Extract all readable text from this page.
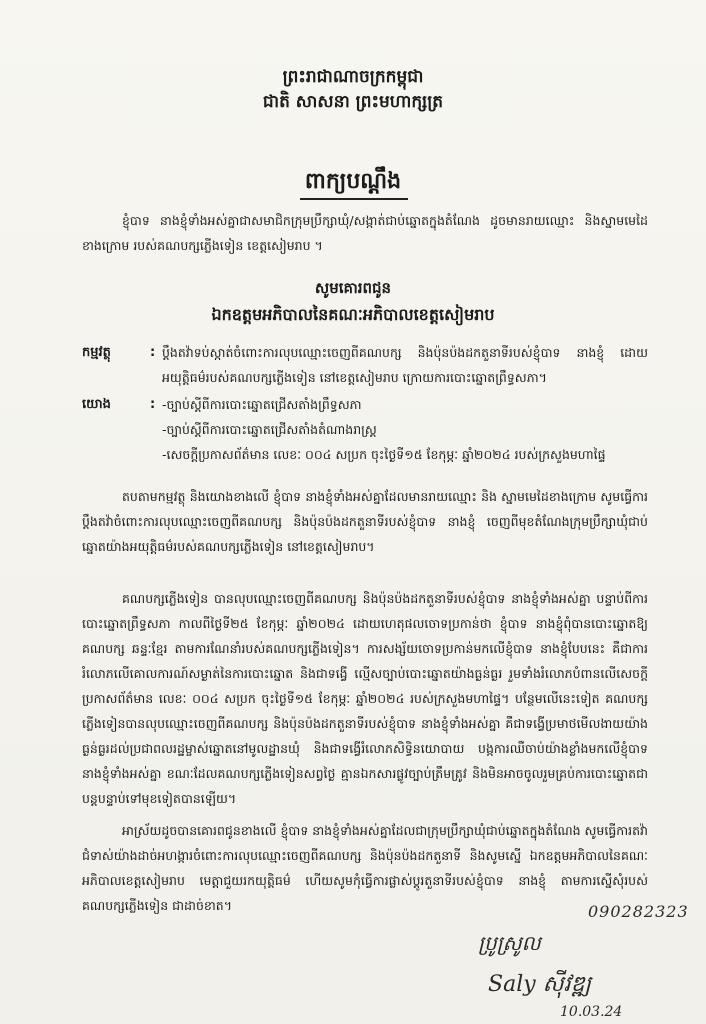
ព្រះរាជាណាចក្រកម្ពុជា
ជាតិ សាសនា ព្រះមហាក្សត្រ
ពាក្យបណ្តឹង
ខ្ញុំបាទ នាងខ្ញុំទាំងអស់គ្នាជាសមាជិកក្រុមប្រឹក្សាឃុំ/សង្កាត់ជាប់ឆ្នោតក្នុងតំណែង ដូចមានរាយឈ្មោះ និងស្នាមមេដៃខាងក្រោម របស់គណបក្សភ្លើងទៀន ខេត្តសៀមរាប ។
សូមគោរពជូន
ឯកឧត្តមអភិបាលនៃគណៈអភិបាលខេត្តសៀមរាប
កម្មវត្ថុ	: ប្តឹងតវ៉ាទប់ស្កាត់ចំពោះការលុបឈ្មោះចេញពីគណបក្ស និងប៉ុនប៉ងដកតួនាទីរបស់ខ្ញុំបាទ នាងខ្ញុំ ដោយអយុត្តិធម៌របស់គណបក្សភ្លើងទៀន នៅខេត្តសៀមរាប ក្រោយការបោះឆ្នោតព្រឹទ្ធសភា។
យោង	: -ច្បាប់ស្តីពីការបោះឆ្នោតជ្រើសតាំងព្រឹទ្ធសភា
-ច្បាប់ស្តីពីការបោះឆ្នោតជ្រើសតាំងតំណាងរាស្ត្រ
-សេចក្តីប្រកាសព័ត៌មាន លេខៈ ០០៤ សប្រក ចុះថ្ងៃទី១៥ ខែកុម្ភៈ ឆ្នាំ២០២៤ របស់ក្រសួងមហាផ្ទៃ
តបតាមកម្មវត្ថុ និងយោងខាងលើ ខ្ញុំបាទ នាងខ្ញុំទាំងអស់គ្នាដែលមានរាយឈ្មោះ និង ស្នាមមេដៃខាងក្រោម សូមធ្វើការប្តឹងតវ៉ាចំពោះការលុបឈ្មោះចេញពីគណបក្ស និងប៉ុនប៉ងដកតួនាទីរបស់ខ្ញុំបាទ នាងខ្ញុំ ចេញពីមុខតំណែងក្រុមប្រឹក្សាឃុំជាប់ឆ្នោតយ៉ាងអយុត្តិធម៌របស់គណបក្សភ្លើងទៀន នៅខេត្តសៀមរាប។
គណបក្សភ្លើងទៀន បានលុបឈ្មោះចេញពីគណបក្ស និងប៉ុនប៉ងដកតួនាទីរបស់ខ្ញុំបាទ នាងខ្ញុំទាំងអស់គ្នា បន្ទាប់ពីការបោះឆ្នោតព្រឹទ្ធសភា កាលពីថ្ងៃទី២៥ ខែកុម្ភៈ ឆ្នាំ២០២៤ ដោយហេតុផលចោទប្រកាន់ថា ខ្ញុំបាទ នាងខ្ញុំពុំបានបោះឆ្នោតឱ្យគណបក្ស ឆន្ទៈខ្មែរ តាមការណែនាំរបស់គណបក្សភ្លើងទៀន។ ការសង្ស័យចោទប្រកាន់មកលើខ្ញុំបាទ នាងខ្ញុំបែបនេះ គឺជាការរំលោភលើគោលការណ៍សម្ងាត់នៃការបោះឆ្នោត និងជាទង្វើ ល្មើសច្បាប់បោះឆ្នោតយ៉ាងធ្ងន់ធ្ងរ រួមទាំងរំលោភបំពានលើសេចក្តីប្រកាសព័ត៌មាន លេខៈ ០០៤ សប្រក ចុះថ្ងៃទី១៥ ខែកុម្ភៈ ឆ្នាំ២០២៤ របស់ក្រសួងមហាផ្ទៃ។ បន្ថែមលើនេះទៀត គណបក្សភ្លើងទៀនបានលុបឈ្មោះចេញពីគណបក្ស និងប៉ុនប៉ងដកតួនាទីរបស់ខ្ញុំបាទ នាងខ្ញុំទាំងអស់គ្នា គឺជាទង្វើប្រមាថមើលងាយយ៉ាងធ្ងន់ធ្ងរដល់ប្រជាពលរដ្ឋម្ចាស់ឆ្នោតនៅមូលដ្ឋានឃុំ និងជាទង្វើរំលោភសិទ្ធិនយោបាយ បង្កការឈឺចាប់យ៉ាងខ្លាំងមកលើខ្ញុំបាទ នាងខ្ញុំទាំងអស់គ្នា ខណៈដែលគណបក្សភ្លើងទៀនសព្វថ្ងៃ គ្មានឯកសារផ្លូវច្បាប់ត្រឹមត្រូវ និងមិនអាចចូលរួមគ្រប់ការបោះឆ្នោតជាបន្តបន្ទាប់ទៅមុខទៀតបានឡើយ។
អាស្រ័យដូចបានគោរពជូនខាងលើ ខ្ញុំបាទ នាងខ្ញុំទាំងអស់គ្នាដែលជាក្រុមប្រឹក្សាឃុំជាប់ឆ្នោតក្នុងតំណែង សូមធ្វើការតវ៉ាជំទាស់យ៉ាងដាច់អហង្ការចំពោះការលុបឈ្មោះចេញពីគណបក្ស និងប៉ុនប៉ងដកតួនាទី និងសូមស្នើ ឯកឧត្តមអភិបាលនៃគណៈអភិបាលខេត្តសៀមរាប មេត្តាជួយរកយុត្តិធម៌ ហើយសូមកុំធ្វើការផ្លាស់ប្តូរតួនាទីរបស់ខ្ញុំបាទ នាងខ្ញុំ តាមការស្នើសុំរបស់គណបក្សភ្លើងទៀន ជាដាច់ខាត។	090282323
ប្រូស្រូល
Saly ស៊ីវឌ្ឍ
10.03.24
